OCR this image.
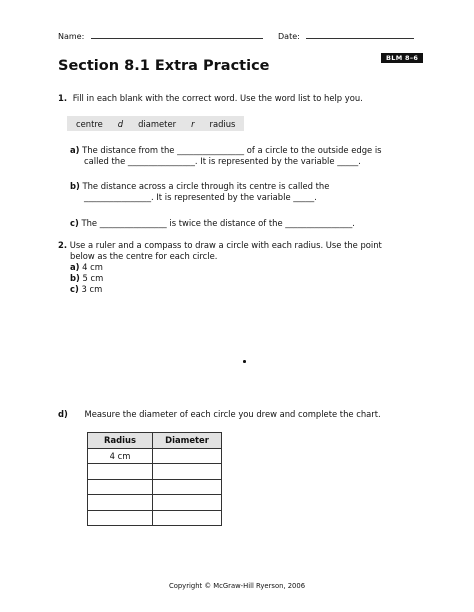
Name:	Date:
BLM 8–6
Section 8.1 Extra Practice
1. Fill in each blank with the correct word. Use the word list to help you.
centre	d	diameter	r	radius
a) The distance from the ________________ of a circle to the outside edge is
called the ________________. It is represented by the variable _____.
b) The distance across a circle through its centre is called the
________________. It is represented by the variable _____.
c) The ________________ is twice the distance of the ________________.
2. Use a ruler and a compass to draw a circle with each radius. Use the point
below as the centre for each circle.
a) 4 cm
b) 5 cm
c) 3 cm
d) Measure the diameter of each circle you drew and complete the chart.
Radius	Diameter
4 cm	

Copyright © McGraw-Hill Ryerson, 2006
